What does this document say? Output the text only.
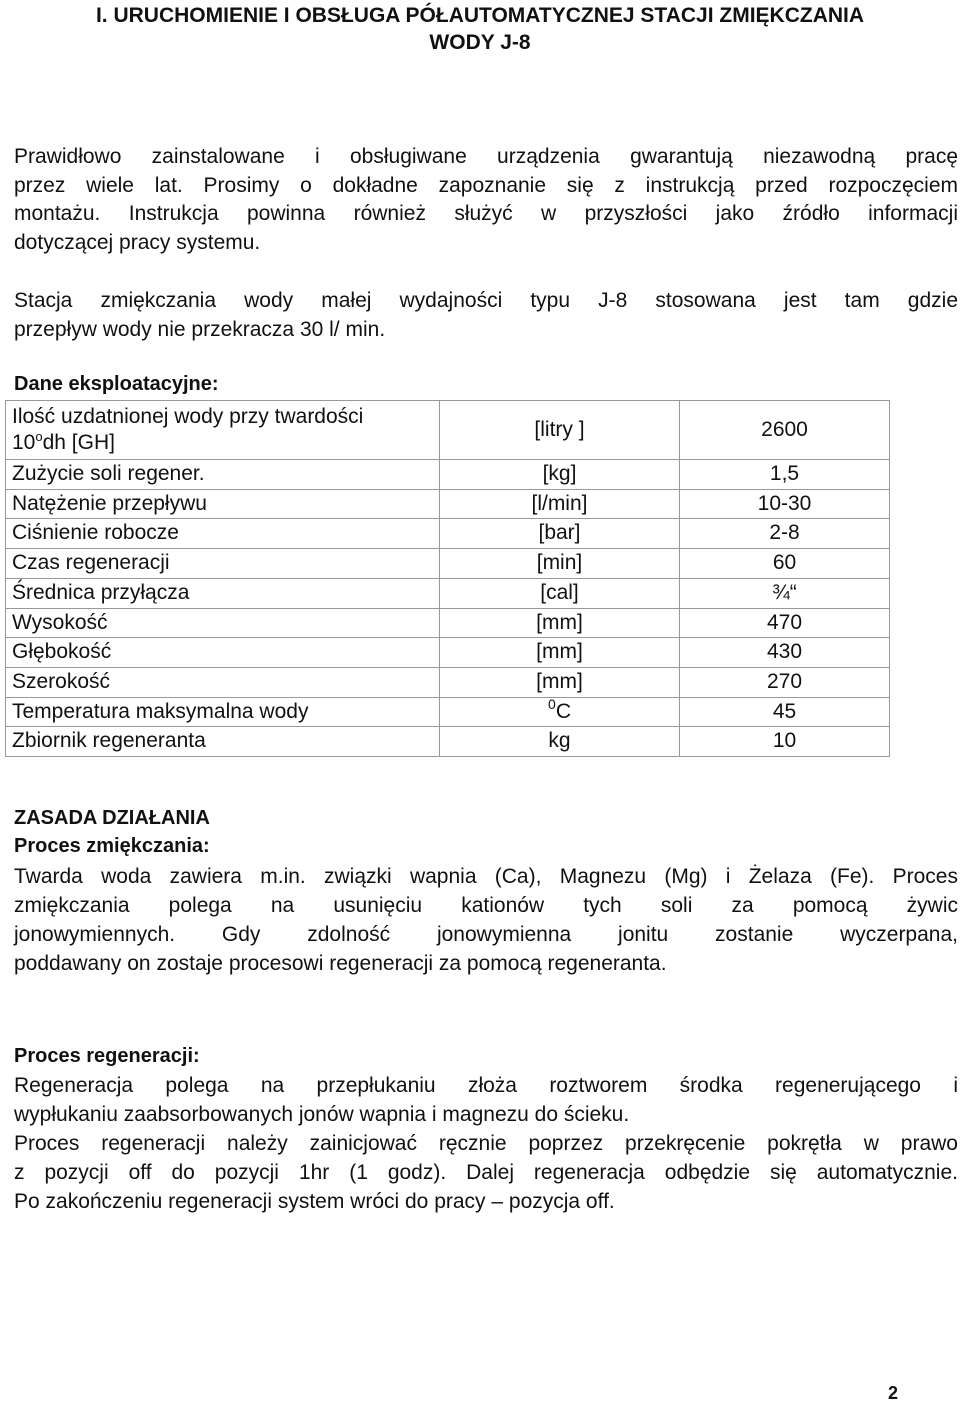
I. URUCHOMIENIE I OBSŁUGA PÓŁAUTOMATYCZNEJ STACJI ZMIĘKCZANIA
WODY J-8
Prawidłowo zainstalowane i obsługiwane urządzenia gwarantują niezawodną pracę
przez wiele lat. Prosimy o dokładne zapoznanie się z instrukcją przed rozpoczęciem
montażu. Instrukcja powinna również służyć w przyszłości jako źródło informacji
dotyczącej pracy systemu.
Stacja zmiękczania wody małej wydajności typu J-8 stosowana jest tam gdzie
przepływ wody nie przekracza 30 l/ min.
Dane eksploatacyjne:
Ilość uzdatnionej wody przy twardości
10$^o$dh [GH]	[litry ]	2600
Zużycie soli regener.	[kg]	1,5
Natężenie przepływu	[l/min]	10-30
Ciśnienie robocze	[bar]	2-8
Czas regeneracji	[min]	60
Średnica przyłącza	[cal]	¾“
Wysokość	[mm]	470
Głębokość	[mm]	430
Szerokość	[mm]	270
Temperatura maksymalna wody	$^0$C	45
Zbiornik regeneranta	kg	10
ZASADA DZIAŁANIA
Proces zmiękczania:
Twarda woda zawiera m.in. związki wapnia (Ca), Magnezu (Mg) i Żelaza (Fe). Proces
zmiękczania polega na usunięciu kationów tych soli za pomocą żywic
jonowymiennych. Gdy zdolność jonowymienna jonitu zostanie wyczerpana,
poddawany on zostaje procesowi regeneracji za pomocą regeneranta.
Proces regeneracji:
Regeneracja polega na przepłukaniu złoża roztworem środka regenerującego i
wypłukaniu zaabsorbowanych jonów wapnia i magnezu do ścieku.
Proces regeneracji należy zainicjować ręcznie poprzez przekręcenie pokrętła w prawo
z pozycji off do pozycji 1hr (1 godz). Dalej regeneracja odbędzie się automatycznie.
Po zakończeniu regeneracji system wróci do pracy – pozycja off.
2
